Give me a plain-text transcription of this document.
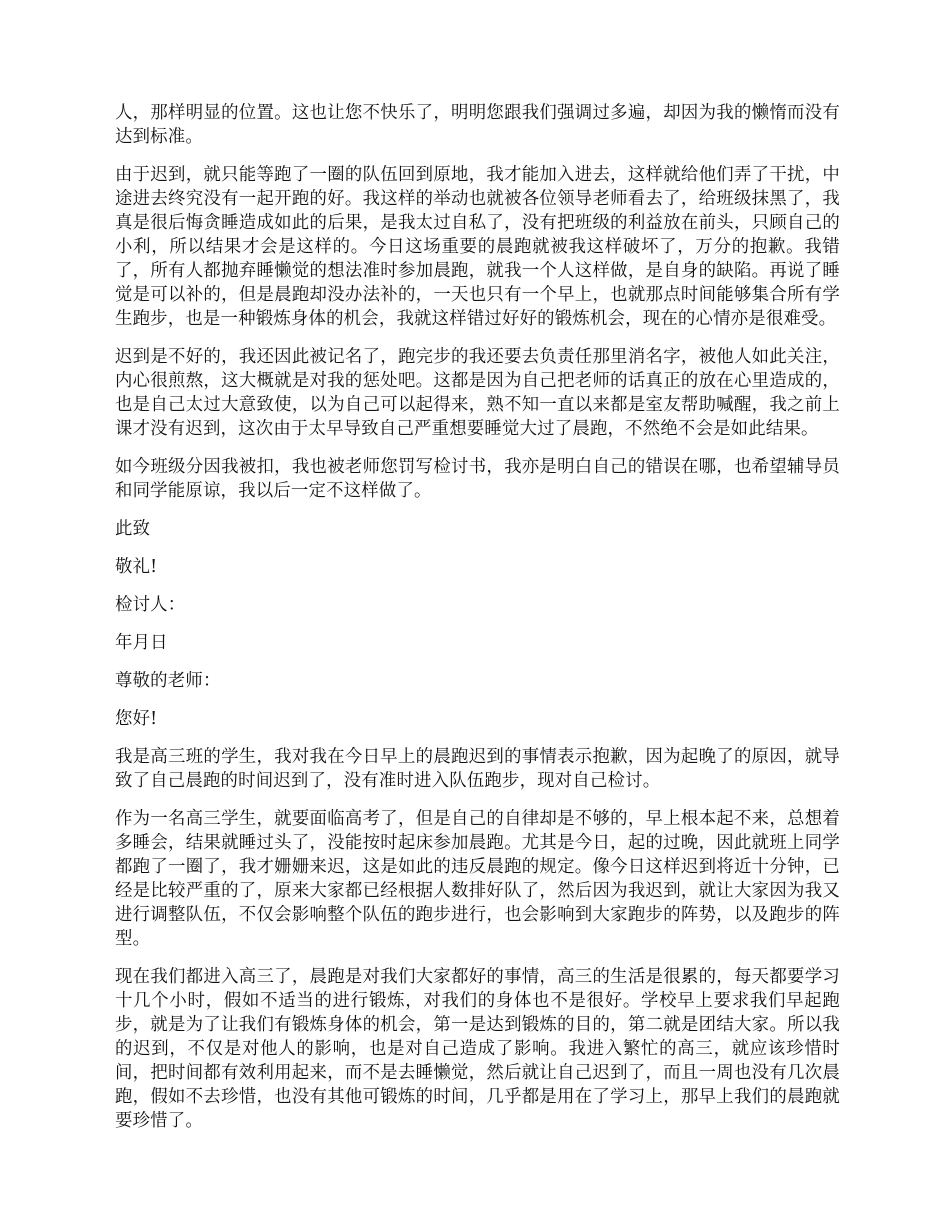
人，那样明显的位置。这也让您不快乐了，明明您跟我们强调过多遍，却因为我的懒惰而没有达到标准。

由于迟到，就只能等跑了一圈的队伍回到原地，我才能加入进去，这样就给他们弄了干扰，中途进去终究没有一起开跑的好。我这样的举动也就被各位领导老师看去了，给班级抹黑了，我真是很后悔贪睡造成如此的后果，是我太过自私了，没有把班级的利益放在前头，只顾自己的小利，所以结果才会是这样的。今日这场重要的晨跑就被我这样破坏了，万分的抱歉。我错了，所有人都抛弃睡懒觉的想法准时参加晨跑，就我一个人这样做，是自身的缺陷。再说了睡觉是可以补的，但是晨跑却没办法补的，一天也只有一个早上，也就那点时间能够集合所有学生跑步，也是一种锻炼身体的机会，我就这样错过好好的锻炼机会，现在的心情亦是很难受。

迟到是不好的，我还因此被记名了，跑完步的我还要去负责任那里消名字，被他人如此关注，内心很煎熬，这大概就是对我的惩处吧。这都是因为自己把老师的话真正的放在心里造成的，也是自己太过大意致使，以为自己可以起得来，熟不知一直以来都是室友帮助喊醒，我之前上课才没有迟到，这次由于太早导致自己严重想要睡觉大过了晨跑，不然绝不会是如此结果。

如今班级分因我被扣，我也被老师您罚写检讨书，我亦是明白自己的错误在哪，也希望辅导员和同学能原谅，我以后一定不这样做了。

此致

敬礼!

检讨人：

年月日

尊敬的老师：

您好!

我是高三班的学生，我对我在今日早上的晨跑迟到的事情表示抱歉，因为起晚了的原因，就导致了自己晨跑的时间迟到了，没有准时进入队伍跑步，现对自己检讨。

作为一名高三学生，就要面临高考了，但是自己的自律却是不够的，早上根本起不来，总想着多睡会，结果就睡过头了，没能按时起床参加晨跑。尤其是今日，起的过晚，因此就班上同学都跑了一圈了，我才姗姗来迟，这是如此的违反晨跑的规定。像今日这样迟到将近十分钟，已经是比较严重的了，原来大家都已经根据人数排好队了，然后因为我迟到，就让大家因为我又进行调整队伍，不仅会影响整个队伍的跑步进行，也会影响到大家跑步的阵势，以及跑步的阵型。

现在我们都进入高三了，晨跑是对我们大家都好的事情，高三的生活是很累的，每天都要学习十几个小时，假如不适当的进行锻炼，对我们的身体也不是很好。学校早上要求我们早起跑步，就是为了让我们有锻炼身体的机会，第一是达到锻炼的目的，第二就是团结大家。所以我的迟到，不仅是对他人的影响，也是对自己造成了影响。我进入繁忙的高三，就应该珍惜时间，把时间都有效利用起来，而不是去睡懒觉，然后就让自己迟到了，而且一周也没有几次晨跑，假如不去珍惜，也没有其他可锻炼的时间，几乎都是用在了学习上，那早上我们的晨跑就要珍惜了。
